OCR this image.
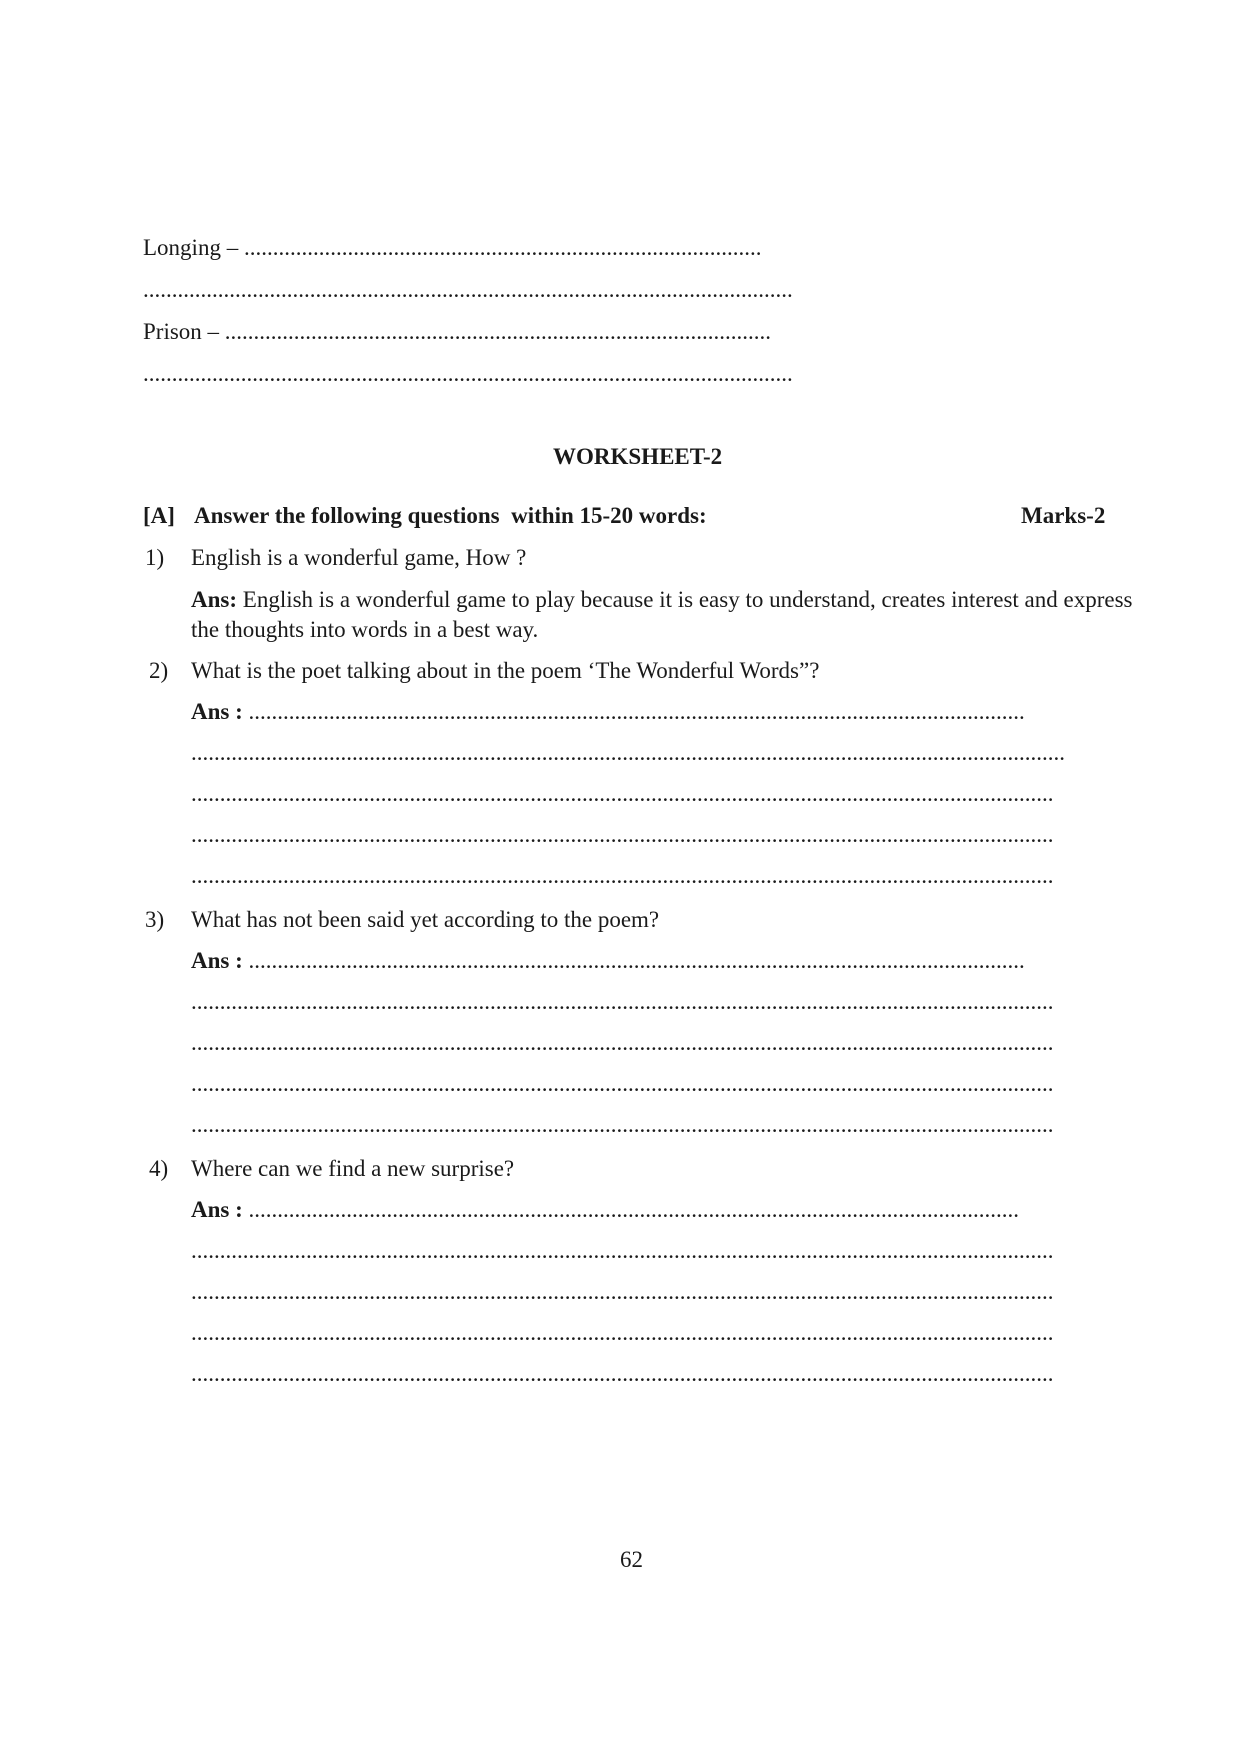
Longing – ..........................................................................................
.................................................................................................................
Prison – ...............................................................................................
.................................................................................................................
WORKSHEET-2
[A] Answer the following questions  within 15-20 words:	Marks-2
1) English is a wonderful game, How ?
Ans: English is a wonderful game to play because it is easy to understand, creates interest and express
the thoughts into words in a best way.
2) What is the poet talking about in the poem ‘The Wonderful Words”?
Ans : .......................................................................................................................................
........................................................................................................................................................
......................................................................................................................................................
......................................................................................................................................................
......................................................................................................................................................
3) What has not been said yet according to the poem?
Ans : .......................................................................................................................................
......................................................................................................................................................
......................................................................................................................................................
......................................................................................................................................................
......................................................................................................................................................
4) Where can we find a new surprise?
Ans : ......................................................................................................................................
......................................................................................................................................................
......................................................................................................................................................
......................................................................................................................................................
......................................................................................................................................................
62
